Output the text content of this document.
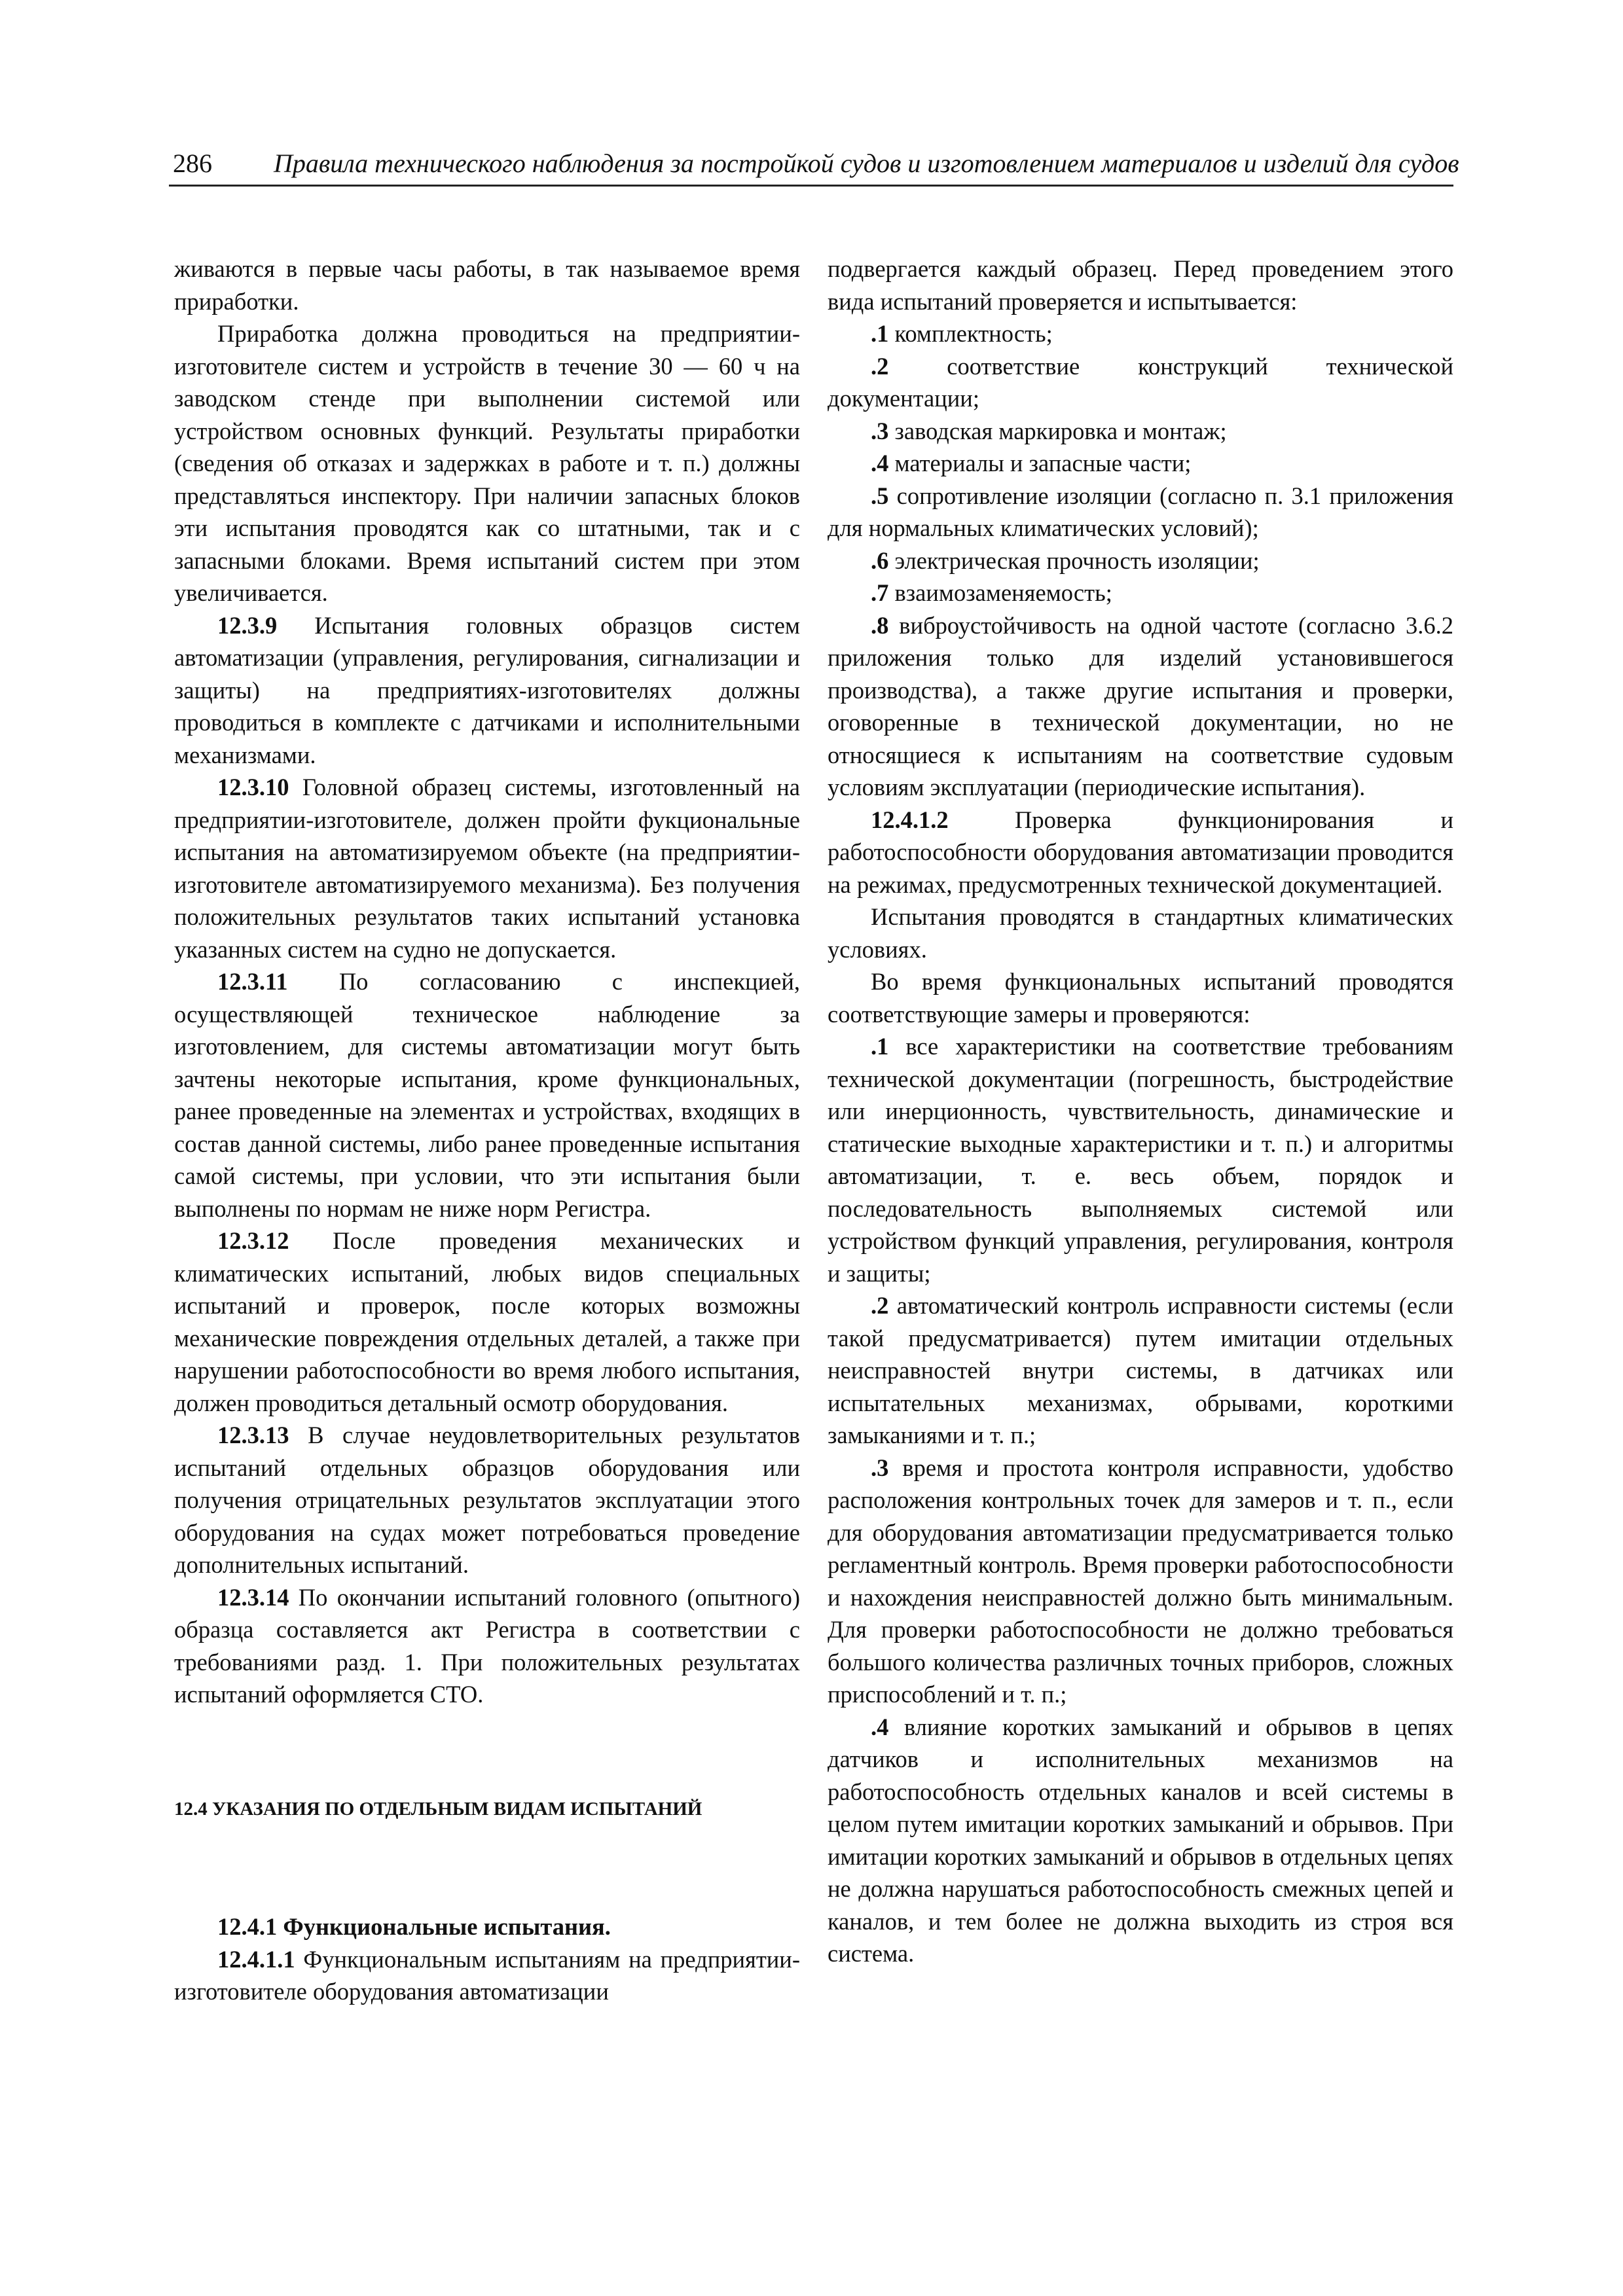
286 Правила технического наблюдения за постройкой судов и изготовлением материалов и изделий для судов

живаются в первые часы работы, в так называемое время приработки.

Приработка должна проводиться на предприятии-изготовителе систем и устройств в течение 30 — 60 ч на заводском стенде при выполнении системой или устройством основных функций. Результаты приработки (сведения об отказах и задержках в работе и т. п.) должны представляться инспектору. При наличии запасных блоков эти испытания проводятся как со штатными, так и с запасными блоками. Время испытаний систем при этом увеличивается.

12.3.9 Испытания головных образцов систем автоматизации (управления, регулирования, сигнализации и защиты) на предприятиях-изготовителях должны проводиться в комплекте с датчиками и исполнительными механизмами.

12.3.10 Головной образец системы, изготовленный на предприятии-изготовителе, должен пройти фукциональные испытания на автоматизируемом объекте (на предприятии-изготовителе автоматизируемого механизма). Без получения положительных результатов таких испытаний установка указанных систем на судно не допускается.

12.3.11 По согласованию с инспекцией, осуществляющей техническое наблюдение за изготовлением, для системы автоматизации могут быть зачтены некоторые испытания, кроме функциональных, ранее проведенные на элементах и устройствах, входящих в состав данной системы, либо ранее проведенные испытания самой системы, при условии, что эти испытания были выполнены по нормам не ниже норм Регистра.

12.3.12 После проведения механических и климатических испытаний, любых видов специальных испытаний и проверок, после которых возможны механические повреждения отдельных деталей, а также при нарушении работоспособности во время любого испытания, должен проводиться детальный осмотр оборудования.

12.3.13 В случае неудовлетворительных результатов испытаний отдельных образцов оборудования или получения отрицательных результатов эксплуатации этого оборудования на судах может потребоваться проведение дополнительных испытаний.

12.3.14 По окончании испытаний головного (опытного) образца составляется акт Регистра в соответствии с требованиями разд. 1. При положительных результатах испытаний оформляется СТО.

12.4 УКАЗАНИЯ ПО ОТДЕЛЬНЫМ ВИДАМ ИСПЫТАНИЙ

12.4.1 Функциональные испытания.

12.4.1.1 Функциональным испытаниям на предприятии-изготовителе оборудования автоматизации

подвергается каждый образец. Перед проведением этого вида испытаний проверяется и испытывается:

.1 комплектность;

.2 соответствие конструкций технической документации;

.3 заводская маркировка и монтаж;

.4 материалы и запасные части;

.5 сопротивление изоляции (согласно п. 3.1 приложения для нормальных климатических условий);

.6 электрическая прочность изоляции;

.7 взаимозаменяемость;

.8 виброустойчивость на одной частоте (согласно 3.6.2 приложения только для изделий установившегося производства), а также другие испытания и проверки, оговоренные в технической документации, но не относящиеся к испытаниям на соответствие судовым условиям эксплуатации (периодические испытания).

12.4.1.2 Проверка функционирования и работоспособности оборудования автоматизации проводится на режимах, предусмотренных технической документацией.

Испытания проводятся в стандартных климатических условиях.

Во время функциональных испытаний проводятся соответствующие замеры и проверяются:

.1 все характеристики на соответствие требованиям технической документации (погрешность, быстродействие или инерционность, чувствительность, динамические и статические выходные характеристики и т. п.) и алгоритмы автоматизации, т. е. весь объем, порядок и последовательность выполняемых системой или устройством функций управления, регулирования, контроля и защиты;

.2 автоматический контроль исправности системы (если такой предусматривается) путем имитации отдельных неисправностей внутри системы, в датчиках или испытательных механизмах, обрывами, короткими замыканиями и т. п.;

.3 время и простота контроля исправности, удобство расположения контрольных точек для замеров и т. п., если для оборудования автоматизации предусматривается только регламентный контроль. Время проверки работоспособности и нахождения неисправностей должно быть минимальным. Для проверки работоспособности не должно требоваться большого количества различных точных приборов, сложных приспособлений и т. п.;

.4 влияние коротких замыканий и обрывов в цепях датчиков и исполнительных механизмов на работоспособность отдельных каналов и всей системы в целом путем имитации коротких замыканий и обрывов. При имитации коротких замыканий и обрывов в отдельных цепях не должна нарушаться работоспособность смежных цепей и каналов, и тем более не должна выходить из строя вся система.
